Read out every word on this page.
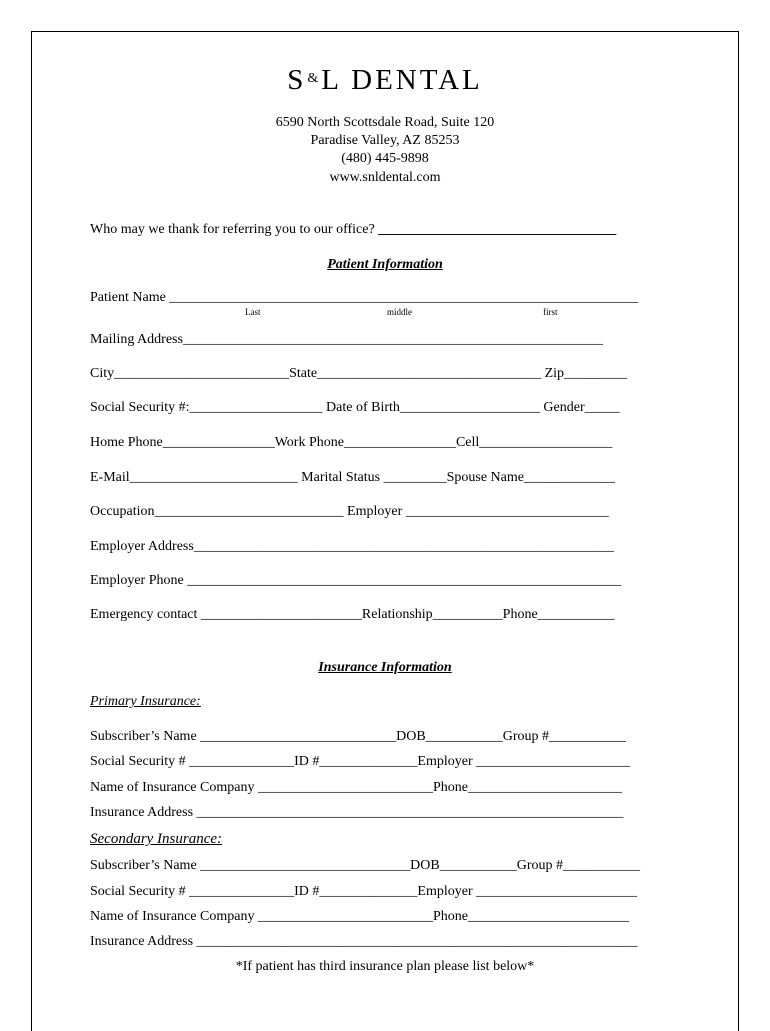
S& L DENTAL
6590 North Scottsdale Road, Suite 120
Paradise Valley, AZ 85253
(480) 445-9898
www.snldental.com
Who may we thank for referring you to our office? __________________________________
Patient Information
Patient Name ___________________________________________________________________
Last	middle	first
Mailing Address____________________________________________________________
City_________________________State________________________________ Zip_________
Social Security #:___________________ Date of Birth____________________ Gender_____
Home Phone________________Work Phone________________Cell___________________
E-Mail________________________ Marital Status _________Spouse Name_____________
Occupation___________________________ Employer _____________________________
Employer Address____________________________________________________________
Employer Phone ______________________________________________________________
Emergency contact _______________________Relationship__________Phone___________
Insurance Information
Primary Insurance:
Subscriber’s Name ____________________________DOB___________Group #___________
Social Security # _______________ID #______________Employer ______________________
Name of Insurance Company _________________________Phone______________________
Insurance Address _____________________________________________________________
Secondary Insurance:
Subscriber’s Name ______________________________DOB___________Group #___________
Social Security # _______________ID #______________Employer _______________________
Name of Insurance Company _________________________Phone_______________________
Insurance Address _______________________________________________________________
*If patient has third insurance plan please list below*
